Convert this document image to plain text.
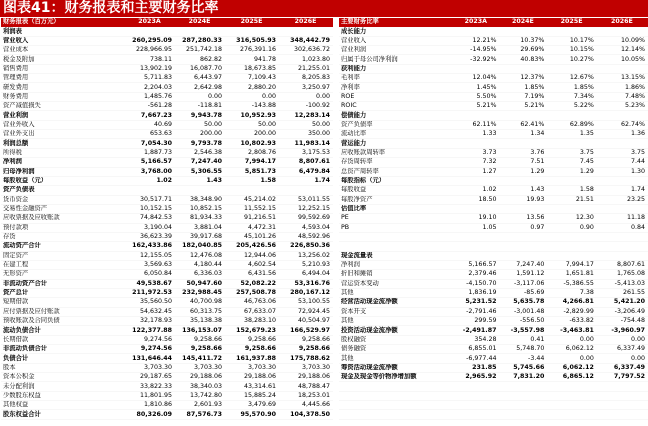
图表41：财务报表和主要财务比率
财务报表（百万元）	2023A	2024E	2025E	2026E
利润表				
营业收入	260,295.09	287,280.33	316,505.93	348,442.79
营业成本	228,966.95	251,742.18	276,391.16	302,636.72
税金及附加	738.11	862.82	941.78	1,023.80
销售费用	13,902.19	16,087.70	18,673.85	21,255.01
管理费用	5,711.83	6,443.97	7,109.43	8,205.83
研发费用	2,204.03	2,642.98	2,880.20	3,250.97
财务费用	1,485.76	0.00	0.00	0.00
资产减值损失	-561.28	-118.81	-143.88	-100.92
营业利润	7,667.23	9,943.78	10,952.93	12,283.14
营业外收入	40.69	50.00	50.00	50.00
营业外支出	653.63	200.00	200.00	350.00
利润总额	7,054.30	9,793.78	10,802.93	11,983.14
所得税	1,887.73	2,546.38	2,808.76	3,175.53
净利润	5,166.57	7,247.40	7,994.17	8,807.61
归母净利润	3,768.00	5,306.55	5,851.73	6,479.84
每股收益（元）	1.02	1.43	1.58	1.74
资产负债表				
货币资金	30,517.71	38,348.90	45,214.02	53,011.55
交易性金融资产	10,152.15	10,852.15	11,552.15	12,252.15
应收票据及应收账款	74,842.53	81,934.33	91,216.51	99,592.69
预付款项	3,190.04	3,881.04	4,472.31	4,593.04
存货	36,623.39	39,917.68	45,101.26	48,592.96
流动资产合计	162,433.86	182,040.85	205,426.56	226,850.36
固定资产	12,155.05	12,476.08	12,944.06	13,256.02
在建工程	3,569.63	4,180.44	4,602.54	5,210.93
无形资产	6,050.84	6,336.03	6,431.56	6,494.04
非流动资产合计	49,538.67	50,947.60	52,082.22	53,316.76
资产总计	211,972.53	232,988.45	257,508.78	280,167.12
短期借款	35,560.50	40,700.98	46,763.06	53,100.55
应付票据及应付账款	54,632.45	60,313.75	67,633.07	72,924.45
预收账款及合同负债	32,178.93	35,138.38	38,283.10	40,504.97
流动负债合计	122,377.88	136,153.07	152,679.23	166,529.97
长期借款	9,274.56	9,258.66	9,258.66	9,258.66
非流动负债合计	9,274.56	9,258.66	9,258.66	9,258.66
负债合计	131,646.44	145,411.72	161,937.88	175,788.62
股本	3,703.30	3,703.30	3,703.30	3,703.30
资本公积金	29,187.65	29,188.06	29,188.06	29,188.06
未分配利润	33,822.33	38,340.03	43,314.61	48,788.47
少数股东权益	11,801.95	13,742.80	15,885.24	18,253.01
其他权益	1,810.86	2,601.93	3,479.69	4,445.66
股东权益合计	80,326.09	87,576.73	95,570.90	104,378.50
主要财务比率	2023A	2024E	2025E	2026E
成长能力				
营业收入	12.21%	10.37%	10.17%	10.09%
营业利润	-14.95%	29.69%	10.15%	12.14%
归属于母公司净利润	-32.92%	40.83%	10.27%	10.05%
获利能力				
毛利率	12.04%	12.37%	12.67%	13.15%
净利率	1.45%	1.85%	1.85%	1.86%
ROE	5.50%	7.19%	7.34%	7.48%
ROIC	5.21%	5.21%	5.22%	5.23%
偿债能力				
资产负债率	62.11%	62.41%	62.89%	62.74%
流动比率	1.33	1.34	1.35	1.36
营运能力				
应收账款周转率	3.73	3.76	3.75	3.75
存货周转率	7.32	7.51	7.45	7.44
总资产周转率	1.27	1.29	1.29	1.30
每股指标（元）				
每股收益	1.02	1.43	1.58	1.74
每股净资产	18.50	19.93	21.51	23.25
估值比率				
PE	19.10	13.56	12.30	11.18
PB	1.05	0.97	0.90	0.84

现金流量表				
净利润	5,166.57	7,247.40	7,994.17	8,807.61
折旧和摊销	2,379.46	1,591.12	1,651.81	1,765.08
营运资本变动	-4,150.70	-3,117.06	-5,386.55	-5,413.03
其他	1,836.19	-85.69	7.38	261.55
经营活动现金流净额	5,231.52	5,635.78	4,266.81	5,421.20
资本开支	-2,791.46	-3,001.48	-2,829.99	-3,206.49
其他	299.59	-556.50	-633.82	-754.48
投资活动现金流净额	-2,491.87	-3,557.98	-3,463.81	-3,960.97
股权融资	354.28	0.41	0.00	0.00
债务融资	6,855.01	5,748.70	6,062.12	6,337.49
其他	-6,977.44	-3.44	0.00	0.00
筹资活动现金流净额	231.85	5,745.66	6,062.12	6,337.49
现金及现金等价物净增加额	2,965.92	7,831.20	6,865.12	7,797.52
